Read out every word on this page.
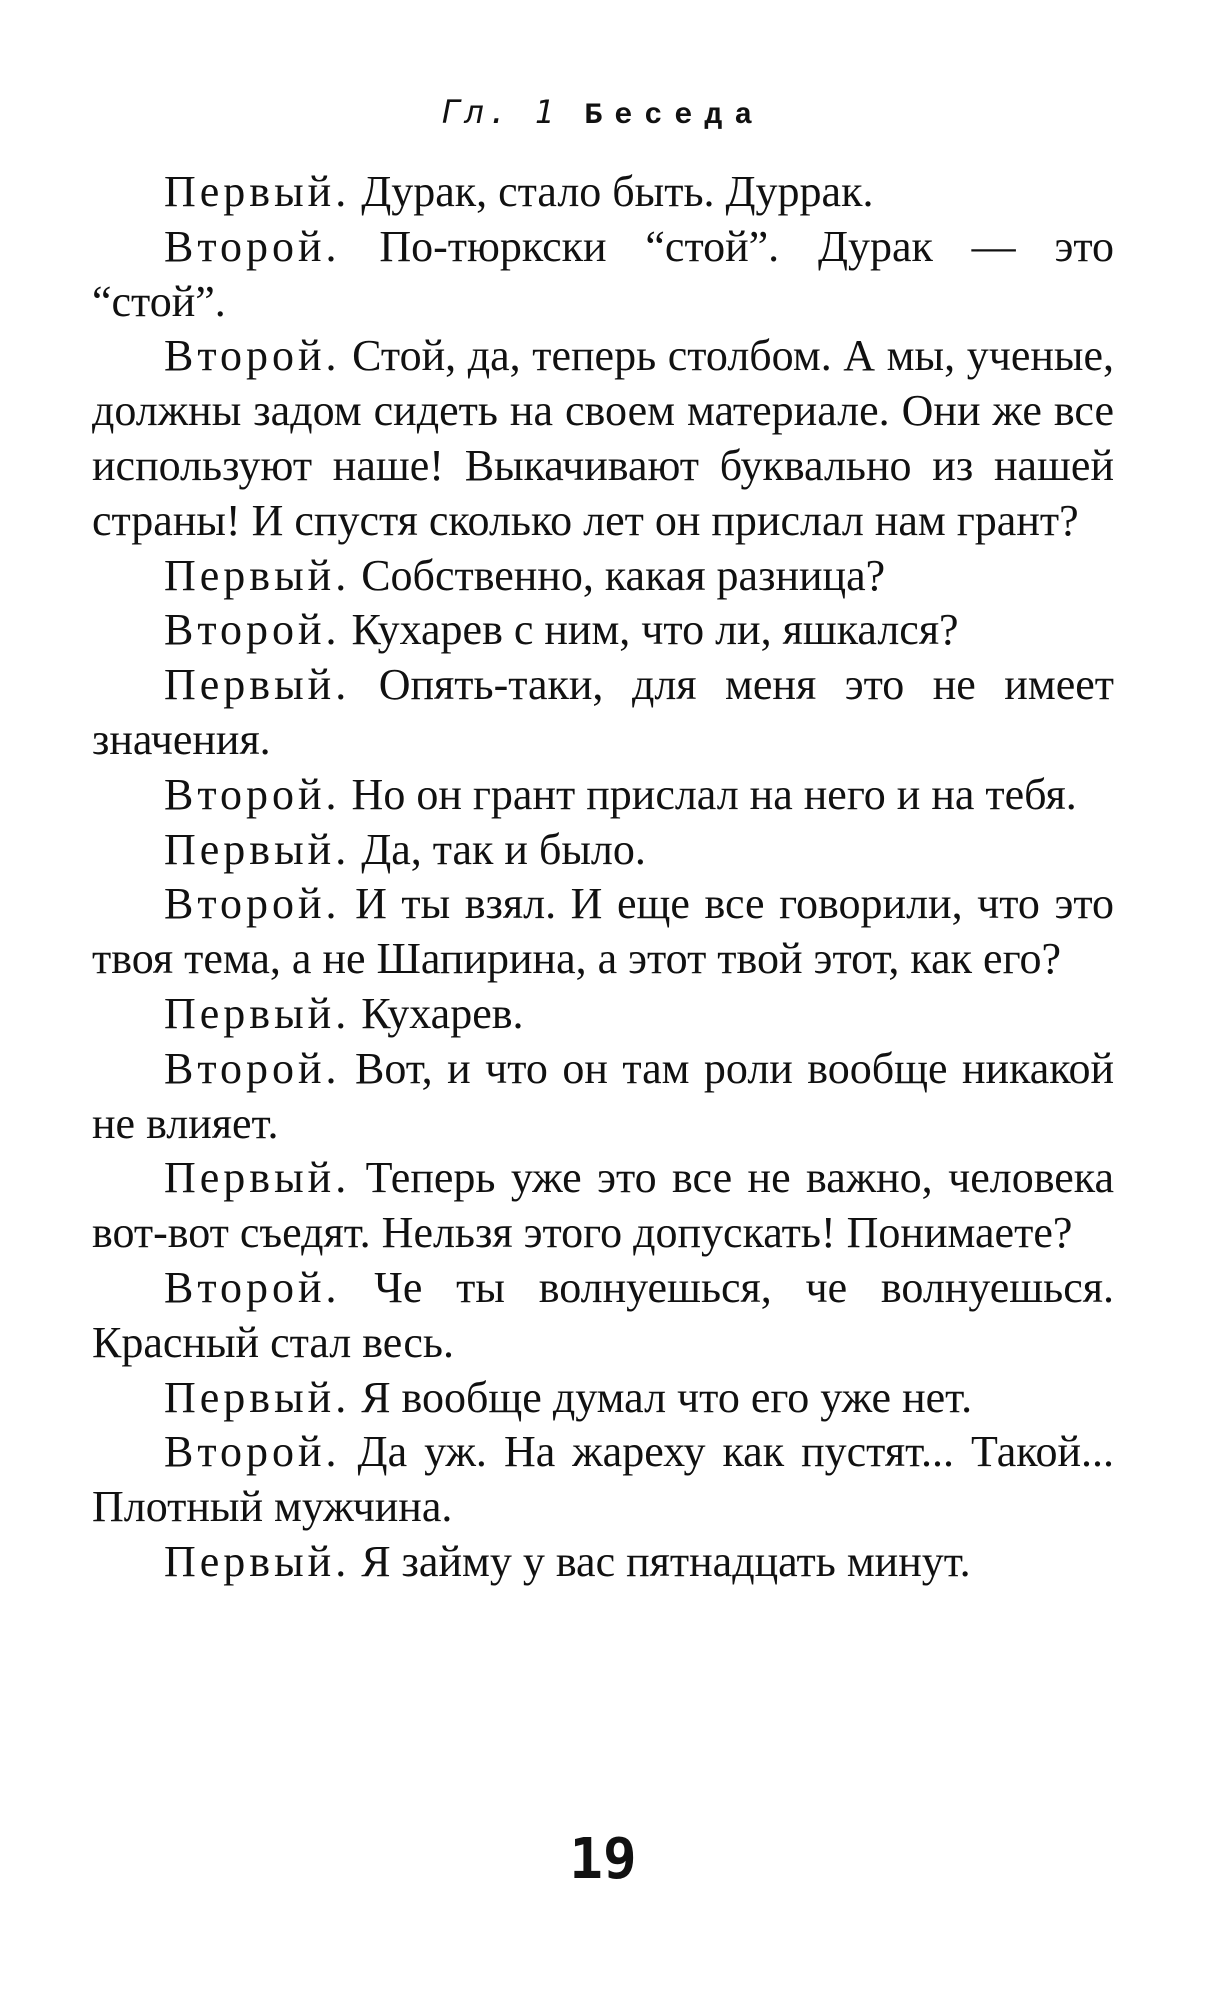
Гл. 1 Беседа

Первый. Дурак, стало быть. Дуррак.

Второй. По-тюркски “стой”. Дурак — это “стой”.

Второй. Стой, да, теперь столбом. А мы, ученые, должны задом сидеть на своем материале. Они же все используют наше! Выкачивают буквально из нашей страны! И спустя сколько лет он прислал нам грант?

Первый. Собственно, какая разница?

Второй. Кухарев с ним, что ли, яшкался?

Первый. Опять-таки, для меня это не имеет значения.

Второй. Но он грант прислал на него и на тебя.

Первый. Да, так и было.

Второй. И ты взял. И еще все говорили, что это твоя тема, а не Шапирина, а этот твой этот, как его?

Первый. Кухарев.

Второй. Вот, и что он там роли вообще никакой не влияет.

Первый. Теперь уже это все не важно, человека вот-вот съедят. Нельзя этого допускать! Понимаете?

Второй. Че ты волнуешься, че волнуешься. Красный стал весь.

Первый. Я вообще думал что его уже нет.

Второй. Да уж. На жареху как пустят... Такой... Плотный мужчина.

Первый. Я займу у вас пятнадцать минут.

19
